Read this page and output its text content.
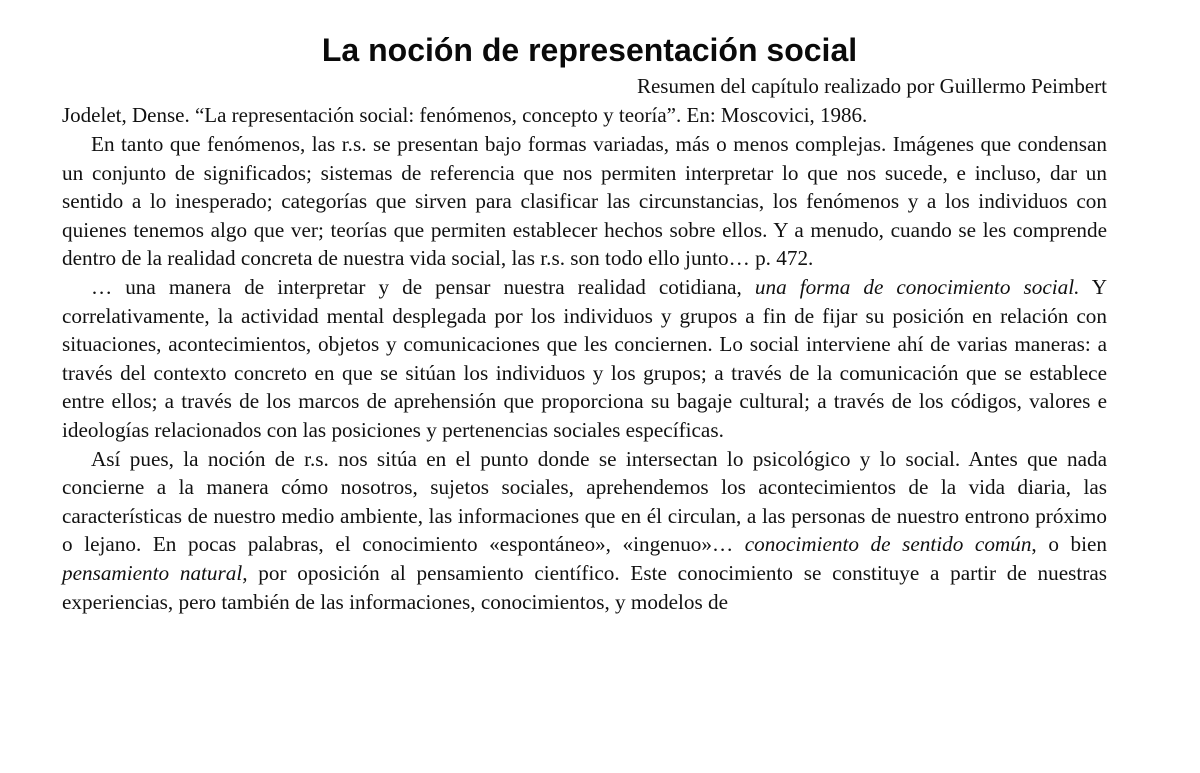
La noción de representación social

Resumen del capítulo realizado por Guillermo Peimbert

Jodelet, Dense. “La representación social: fenómenos, concepto y teoría”. En: Moscovici, 1986.

En tanto que fenómenos, las r.s. se presentan bajo formas variadas, más o menos complejas. Imágenes que condensan un conjunto de significados; sistemas de referencia que nos permiten interpretar lo que nos sucede, e incluso, dar un sentido a lo inesperado; categorías que sirven para clasificar las circunstancias, los fenómenos y a los individuos con quienes tenemos algo que ver; teorías que permiten establecer hechos sobre ellos. Y a menudo, cuando se les comprende dentro de la realidad concreta de nuestra vida social, las r.s. son todo ello junto… p. 472.

… una manera de interpretar y de pensar nuestra realidad cotidiana, una forma de conocimiento social. Y correlativamente, la actividad mental desplegada por los individuos y grupos a fin de fijar su posición en relación con situaciones, acontecimientos, objetos y comunicaciones que les conciernen. Lo social interviene ahí de varias maneras: a través del contexto concreto en que se sitúan los individuos y los grupos; a través de la comunicación que se establece entre ellos; a través de los marcos de aprehensión que proporciona su bagaje cultural; a través de los códigos, valores e ideologías relacionados con las posiciones y pertenencias sociales específicas.

Así pues, la noción de r.s. nos sitúa en el punto donde se intersectan lo psicológico y lo social. Antes que nada concierne a la manera cómo nosotros, sujetos sociales, aprehendemos los acontecimientos de la vida diaria, las características de nuestro medio ambiente, las informaciones que en él circulan, a las personas de nuestro entrono próximo o lejano. En pocas palabras, el conocimiento «espontáneo», «ingenuo»… conocimiento de sentido común, o bien pensamiento natural, por oposición al pensamiento científico. Este conocimiento se constituye a partir de nuestras experiencias, pero también de las informaciones, conocimientos, y modelos de
